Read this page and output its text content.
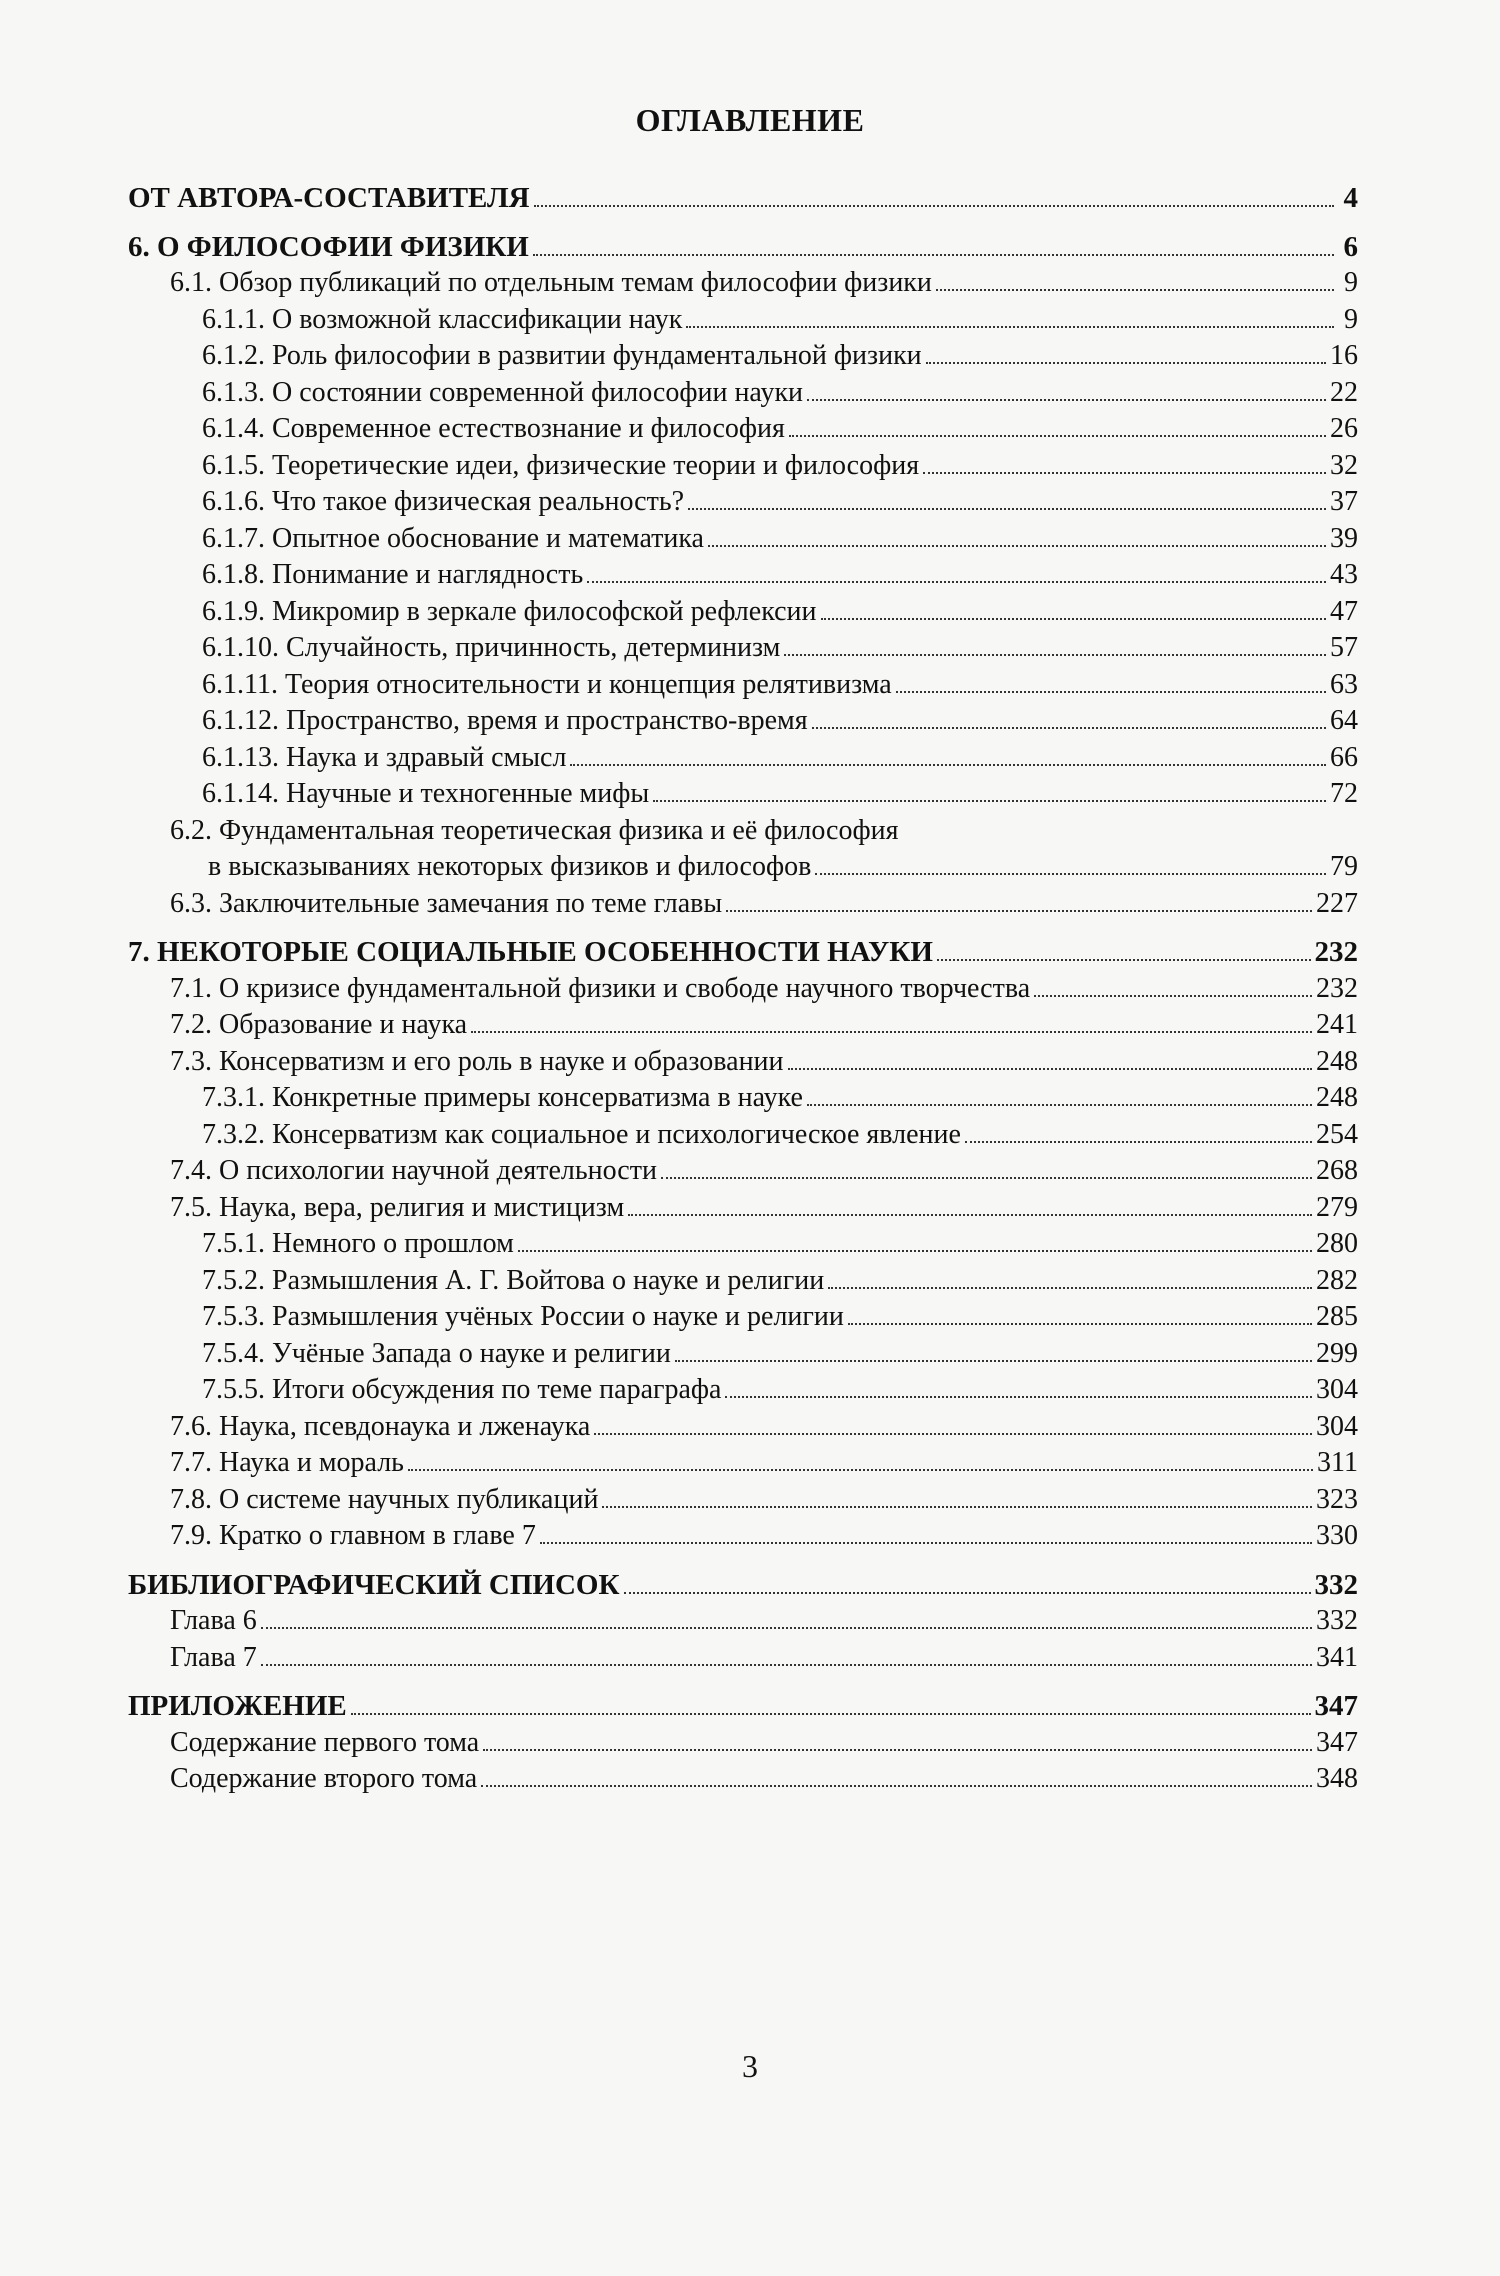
ОГЛАВЛЕНИЕ
ОТ АВТОРА-СОСТАВИТЕЛЯ	4
6. О ФИЛОСОФИИ ФИЗИКИ	6
6.1. Обзор публикаций по отдельным темам философии физики	9
6.1.1. О возможной классификации наук	9
6.1.2. Роль философии в развитии фундаментальной физики	16
6.1.3. О состоянии современной философии науки	22
6.1.4. Современное естествознание и философия	26
6.1.5. Теоретические идеи, физические теории и философия	32
6.1.6. Что такое физическая реальность?	37
6.1.7. Опытное обоснование и математика	39
6.1.8. Понимание и наглядность	43
6.1.9. Микромир в зеркале философской рефлексии	47
6.1.10. Случайность, причинность, детерминизм	57
6.1.11. Теория относительности и концепция релятивизма	63
6.1.12. Пространство, время и пространство-время	64
6.1.13. Наука и здравый смысл	66
6.1.14. Научные и техногенные мифы	72
6.2. Фундаментальная теоретическая физика и её философия
в высказываниях некоторых физиков и философов	79
6.3. Заключительные замечания по теме главы	227
7. НЕКОТОРЫЕ СОЦИАЛЬНЫЕ ОСОБЕННОСТИ НАУКИ	232
7.1. О кризисе фундаментальной физики и свободе научного творчества	232
7.2. Образование и наука	241
7.3. Консерватизм и его роль в науке и образовании	248
7.3.1. Конкретные примеры консерватизма в науке	248
7.3.2. Консерватизм как социальное и психологическое явление	254
7.4. О психологии научной деятельности	268
7.5. Наука, вера, религия и мистицизм	279
7.5.1. Немного о прошлом	280
7.5.2. Размышления А. Г. Войтова о науке и религии	282
7.5.3. Размышления учёных России о науке и религии	285
7.5.4. Учёные Запада о науке и религии	299
7.5.5. Итоги обсуждения по теме параграфа	304
7.6. Наука, псевдонаука и лженаука	304
7.7. Наука и мораль	311
7.8. О системе научных публикаций	323
7.9. Кратко о главном в главе 7	330
БИБЛИОГРАФИЧЕСКИЙ СПИСОК	332
Глава 6	332
Глава 7	341
ПРИЛОЖЕНИЕ	347
Содержание первого тома	347
Содержание второго тома	348
3
